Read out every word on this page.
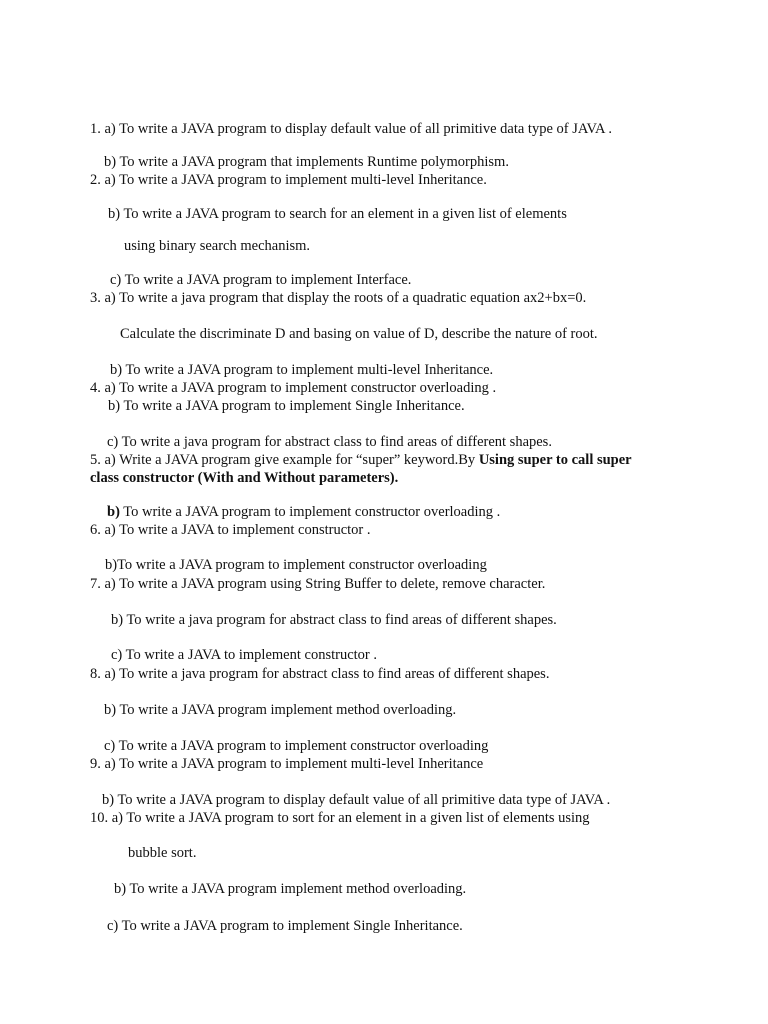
1. a) To write a JAVA program to display default value of all primitive data type of JAVA .
b) To write a JAVA program that implements Runtime polymorphism.
2. a) To write a JAVA program to implement multi-level Inheritance.
b) To write a JAVA program to search for an element in a given list of elements
using binary search mechanism.
c) To write a JAVA program to implement Interface.
3. a) To write a java program that display the roots of a quadratic equation ax2+bx=0.
Calculate the discriminate D and basing on value of D, describe the nature of root.
b) To write a JAVA program to implement multi-level Inheritance.
4. a) To write a JAVA program to implement constructor overloading .
b) To write a JAVA program to implement Single Inheritance.
c) To write a java program for abstract class to find areas of different shapes.
5. a) Write a JAVA program give example for “super” keyword.By Using super to call super
class constructor (With and Without parameters).
b) To write a JAVA program to implement constructor overloading .
6. a) To write a JAVA to implement constructor .
b)To write a JAVA program to implement constructor overloading
7. a) To write a JAVA program using String Buffer to delete, remove character.
b) To write a java program for abstract class to find areas of different shapes.
c) To write a JAVA to implement constructor .
8. a) To write a java program for abstract class to find areas of different shapes.
b) To write a JAVA program implement method overloading.
c) To write a JAVA program to implement constructor overloading
9. a) To write a JAVA program to implement multi-level Inheritance
b) To write a JAVA program to display default value of all primitive data type of JAVA .
10. a) To write a JAVA program to sort for an element in a given list of elements using
bubble sort.
b) To write a JAVA program implement method overloading.
c) To write a JAVA program to implement Single Inheritance.
